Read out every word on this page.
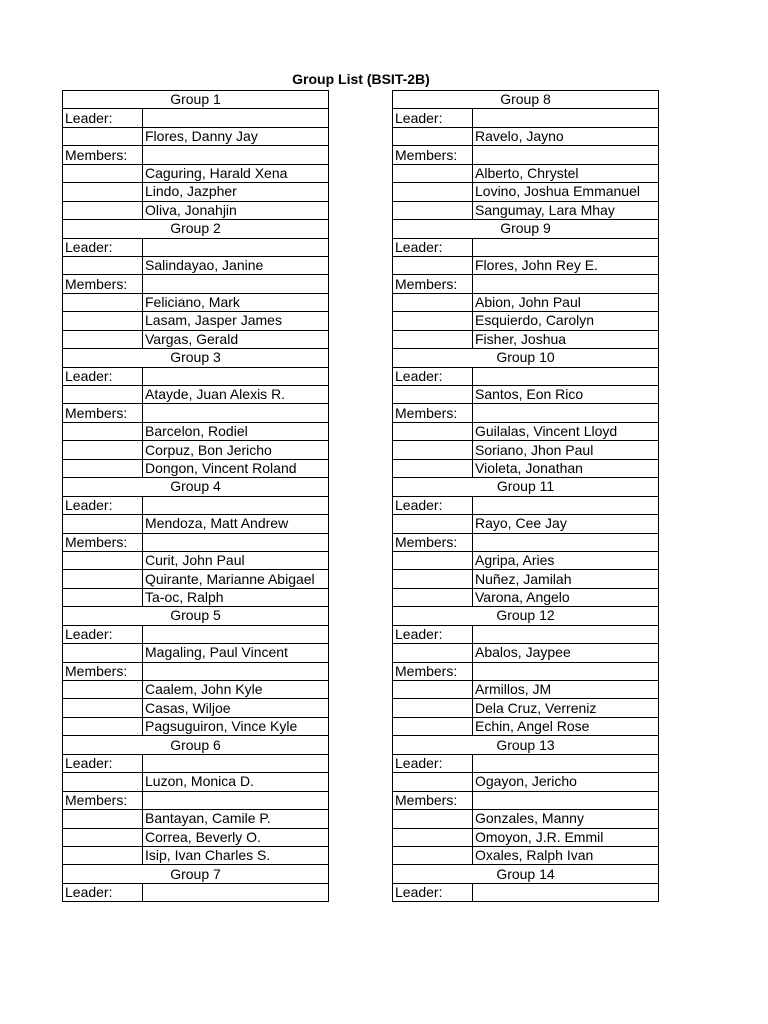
Group List (BSIT-2B)
Group 1	
Leader:	
	Flores, Danny Jay
Members:	
	Caguring, Harald Xena
	Lindo, Jazpher
	Oliva, Jonahjin
Group 2	
Leader:	
	Salindayao, Janine
Members:	
	Feliciano, Mark
	Lasam, Jasper James
	Vargas, Gerald
Group 3	
Leader:	
	Atayde, Juan Alexis R.
Members:	
	Barcelon, Rodiel
	Corpuz, Bon Jericho
	Dongon, Vincent Roland
Group 4	
Leader:	
	Mendoza, Matt Andrew
Members:	
	Curit, John Paul
	Quirante, Marianne Abigael
	Ta-oc, Ralph
Group 5	
Leader:	
	Magaling, Paul Vincent
Members:	
	Caalem, John Kyle
	Casas, Wiljoe
	Pagsuguiron, Vince Kyle
Group 6	
Leader:	
	Luzon, Monica D.
Members:	
	Bantayan, Camile P.
	Correa, Beverly O.
	Isip, Ivan Charles S.
Group 7	
Leader:	
Group 8	
Leader:	
	Ravelo, Jayno
Members:	
	Alberto, Chrystel
	Lovino, Joshua Emmanuel
	Sangumay, Lara Mhay
Group 9	
Leader:	
	Flores, John Rey E.
Members:	
	Abion, John Paul
	Esquierdo, Carolyn
	Fisher, Joshua
Group 10	
Leader:	
	Santos, Eon Rico
Members:	
	Guilalas, Vincent Lloyd
	Soriano, Jhon Paul
	Violeta, Jonathan
Group 11	
Leader:	
	Rayo, Cee Jay
Members:	
	Agripa, Aries
	Nuñez, Jamilah
	Varona, Angelo
Group 12	
Leader:	
	Abalos, Jaypee
Members:	
	Armillos, JM
	Dela Cruz, Verreniz
	Echin, Angel Rose
Group 13	
Leader:	
	Ogayon, Jericho
Members:	
	Gonzales, Manny
	Omoyon, J.R. Emmil
	Oxales, Ralph Ivan
Group 14	
Leader:	
